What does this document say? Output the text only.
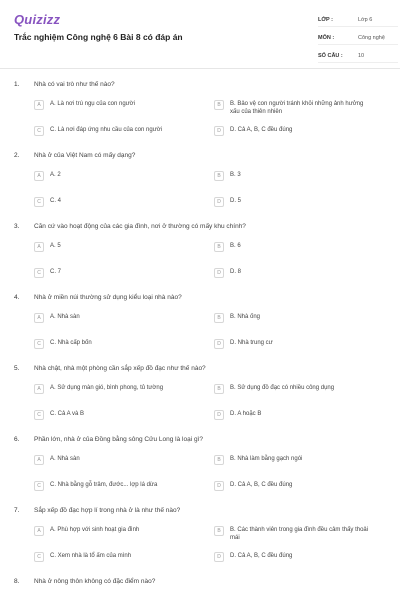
Quizizz
Trắc nghiệm Công nghệ 6 Bài 8 có đáp án
LỚP :	Lớp 6
MÔN :	Công nghệ
SỐ CÂU :	10
1. Nhà có vai trò như thế nào?
A	A. Là nơi trú ngụ của con người	B	B. Bảo vệ con người tránh khỏi những ảnh hưởng xấu của thiên nhiên
C	C. Là nơi đáp ứng nhu cầu của con người	D	D. Cả A, B, C đều đúng
2. Nhà ở của Việt Nam có mấy dạng?
A	A. 2	B	B. 3
C	C. 4	D	D. 5
3. Căn cứ vào hoạt động của các gia đình, nơi ở thường có mấy khu chính?
A	A. 5	B	B. 6
C	C. 7	D	D. 8
4. Nhà ở miền núi thường sử dụng kiểu loại nhà nào?
A	A. Nhà sàn	B	B. Nhà ống
C	C. Nhà cấp bốn	D	D. Nhà trung cư
5. Nhà chật, nhà một phòng cần sắp xếp đồ đạc như thế nào?
A	A. Sử dụng màn gió, bình phong, tủ tường	B	B. Sử dụng đồ đạc có nhiều công dụng
C	C. Cả A và B	D	D. A hoặc B
6. Phần lớn, nhà ở của Đồng bằng sông Cửu Long là loại gì?
A	A. Nhà sàn	B	B. Nhà làm bằng gạch ngói
C	C. Nhà bằng gỗ trâm, đước... lợp lá dừa	D	D. Cả A, B, C đều đúng
7. Sắp xếp đồ đạc hợp lí trong nhà ở là như thế nào?
A	A. Phù hợp với sinh hoạt gia đình	B	B. Các thành viên trong gia đình đều cảm thấy thoải mái
C	C. Xem nhà là tổ ấm của mình	D	D. Cả A, B, C đều đúng
8. Nhà ở nông thôn không có đặc điểm nào?
